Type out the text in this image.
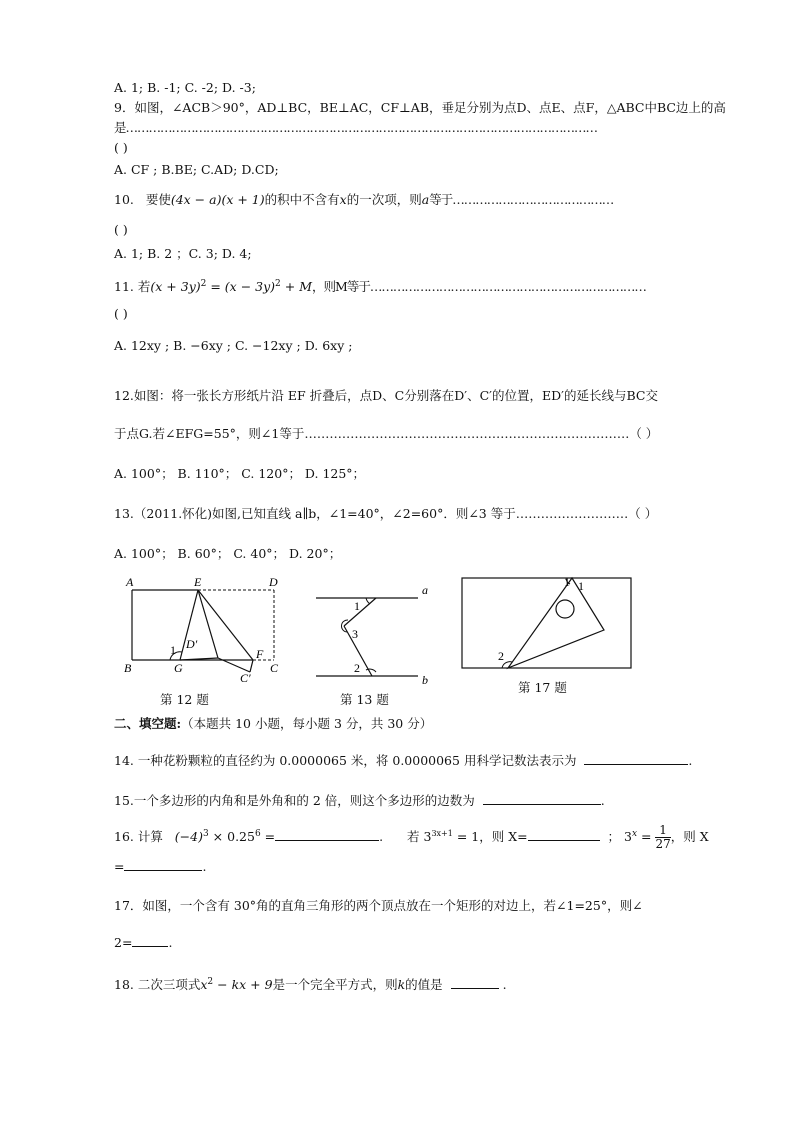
A. 1; B. -1; C. -2; D. -3;
9．如图，∠ACB＞90°，AD⊥BC，BE⊥AC，CF⊥AB，垂足分别为点D、点E、点F，△ABC中BC边上的高
是……………………………………………………………………………………………………………
( )
A. CF ; B.BE; C.AD; D.CD;
10. 要使(4x − a)(x + 1)的积中不含有x的一次项，则a等于……………………………………
( )
A. 1; B. 2 ；C. 3; D. 4;
11. 若$(x + 3y)^2 = (x - 3y)^2 + M$，则M等于………………………………………………………………
( )
A. 12xy ; B. −6xy ; C. −12xy ; D. 6xy ;
12.如图：将一张长方形纸片沿 EF 折叠后，点D、C分别落在D′、C′的位置，ED′的延长线与BC交
于点G.若∠EFG=55°，则∠1等于……………………………………………………………………（ ）
A. 100°； B. 110°； C. 120°； D. 125°；
13.（2011.怀化)如图,已知直线 a∥b，∠1=40°，∠2=60°．则∠3 等于………………………（ ）
A. 100°； B. 60°； C. 40°； D. 20°；
A	E	D
D′
1
B	G
F
C
C′
第 12 题
1
a
3
2
b
第 13 题
1 1
2
第 17 题
二、填空题:（本题共 10 小题，每小题 3 分，共 30 分）
14. 一种花粉颗粒的直径约为 0.0000065 米，将 0.0000065 用科学记数法表示为	.
15.一个多边形的内角和是外角和的 2 倍，则这个多边形的边数为	.
16. 计算 $(-4)^3 \times 0.25^6$ =	. 若 $3^{3x+1} = 1$，则 X=	； $3^x = \frac{1}{27}$ ，则 X
=	.
17．如图，一个含有 30°角的直角三角形的两个顶点放在一个矩形的对边上，若∠1=25°，则∠
2=	.
18. 二次三项式$x^2$ − kx + 9是一个完全平方式，则k的值是	.
